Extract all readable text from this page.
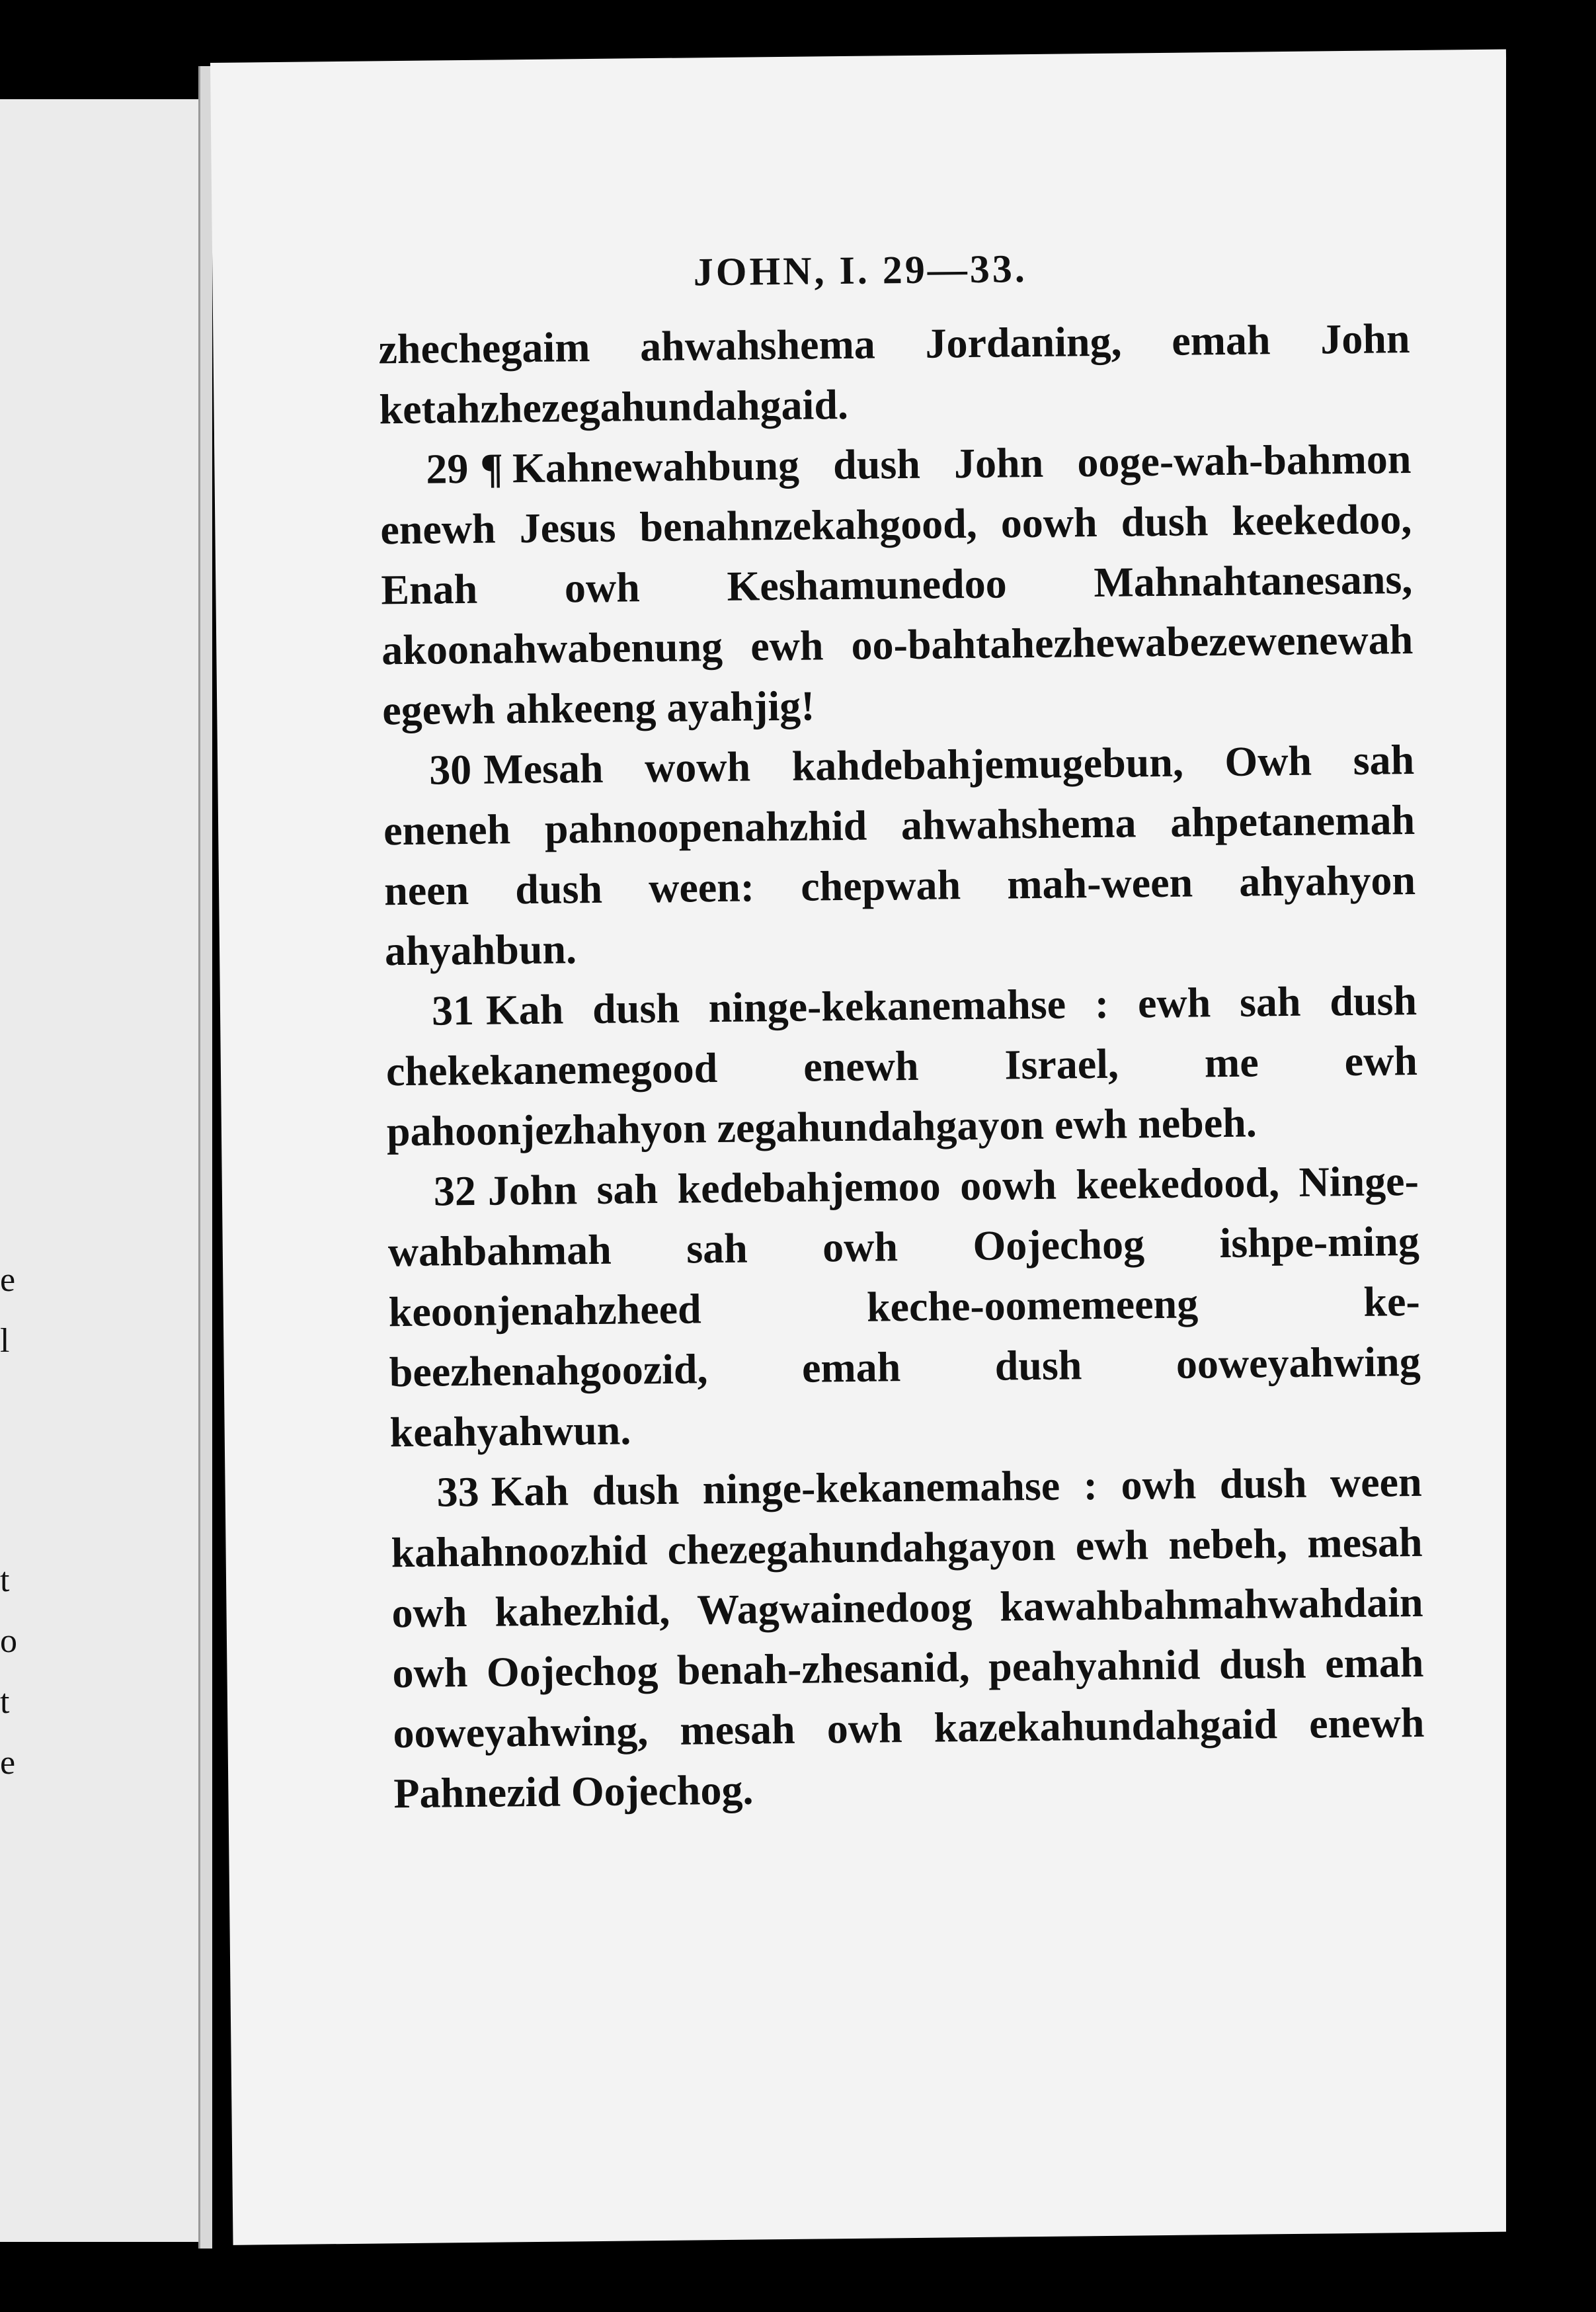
e
l
t
o
t
e
JOHN, I. 29—33.

zhechegaim ahwahshema Jordaning, emah John ketahzhezegahundahgaid.

29 ¶ Kahnewahbung dush John ooge-wah-bahmon enewh Jesus benahnzekahgood, oowh dush keekedoo, Enah owh Keshamunedoo Mahnahtanesans, akoonahwabenung ewh oo-bahtahezhewabezewenewah egewh ahkeeng ayahjig!

30 Mesah wowh kahdebahjemugebun, Owh sah eneneh pahnoopenahzhid ahwahshema ahpetanemah neen dush ween: chepwah mah-ween ahyahyon ahyahbun.

31 Kah dush ninge-kekanemahse : ewh sah dush chekekanemegood enewh Israel, me ewh pahoonjezhahyon zegahundahgayon ewh nebeh.

32 John sah kedebahjemoo oowh keekedood, Ninge-wahbahmah sah owh Oojechog ishpe-ming keoonjenahzheed keche-oomemeeng ke-beezhenahgoozid, emah dush ooweyahwing keahyahwun.

33 Kah dush ninge-kekanemahse : owh dush ween kahahnoozhid chezegahundahgayon ewh nebeh, mesah owh kahezhid, Wagwainedoog kawahbahmahwahdain owh Oojechog benah-zhesanid, peahyahnid dush emah ooweyahwing, mesah owh kazekahundahgaid enewh Pahnezid Oojechog.
